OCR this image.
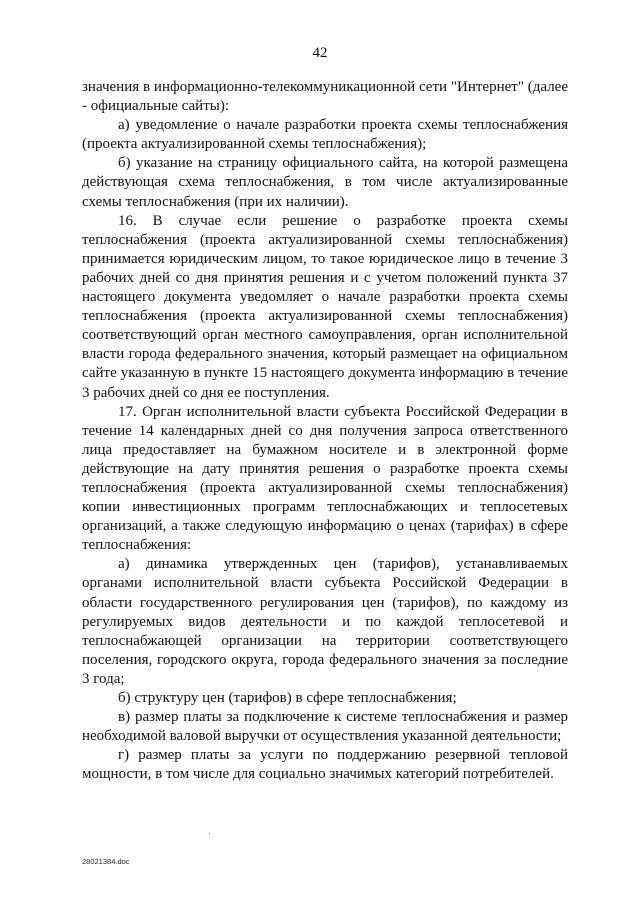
42

значения в информационно-телекоммуникационной сети "Интернет" (далее - официальные сайты):

а) уведомление о начале разработки проекта схемы теплоснабжения (проекта актуализированной схемы теплоснабжения);

б) указание на страницу официального сайта, на которой размещена действующая схема теплоснабжения, в том числе актуализированные схемы теплоснабжения (при их наличии).

16. В случае если решение о разработке проекта схемы теплоснабжения (проекта актуализированной схемы теплоснабжения) принимается юридическим лицом, то такое юридическое лицо в течение 3 рабочих дней со дня принятия решения и с учетом положений пункта 37 настоящего документа уведомляет о начале разработки проекта схемы теплоснабжения (проекта актуализированной схемы теплоснабжения) соответствующий орган местного самоуправления, орган исполнительной власти города федерального значения, который размещает на официальном сайте указанную в пункте 15 настоящего документа информацию в течение 3 рабочих дней со дня ее поступления.

17. Орган исполнительной власти субъекта Российской Федерации в течение 14 календарных дней со дня получения запроса ответственного лица предоставляет на бумажном носителе и в электронной форме действующие на дату принятия решения о разработке проекта схемы теплоснабжения (проекта актуализированной схемы теплоснабжения) копии инвестиционных программ теплоснабжающих и теплосетевых организаций, а также следующую информацию о ценах (тарифах) в сфере теплоснабжения:

а) динамика утвержденных цен (тарифов), устанавливаемых органами исполнительной власти субъекта Российской Федерации в области государственного регулирования цен (тарифов), по каждому из регулируемых видов деятельности и по каждой теплосетевой и теплоснабжающей организации на территории соответствующего поселения, городского округа, города федерального значения за последние 3 года;

б) структуру цен (тарифов) в сфере теплоснабжения;

в) размер платы за подключение к системе теплоснабжения и размер необходимой валовой выручки от осуществления указанной деятельности;

г) размер платы за услуги по поддержанию резервной тепловой мощности, в том числе для социально значимых категорий потребителей.

28021384.doc
